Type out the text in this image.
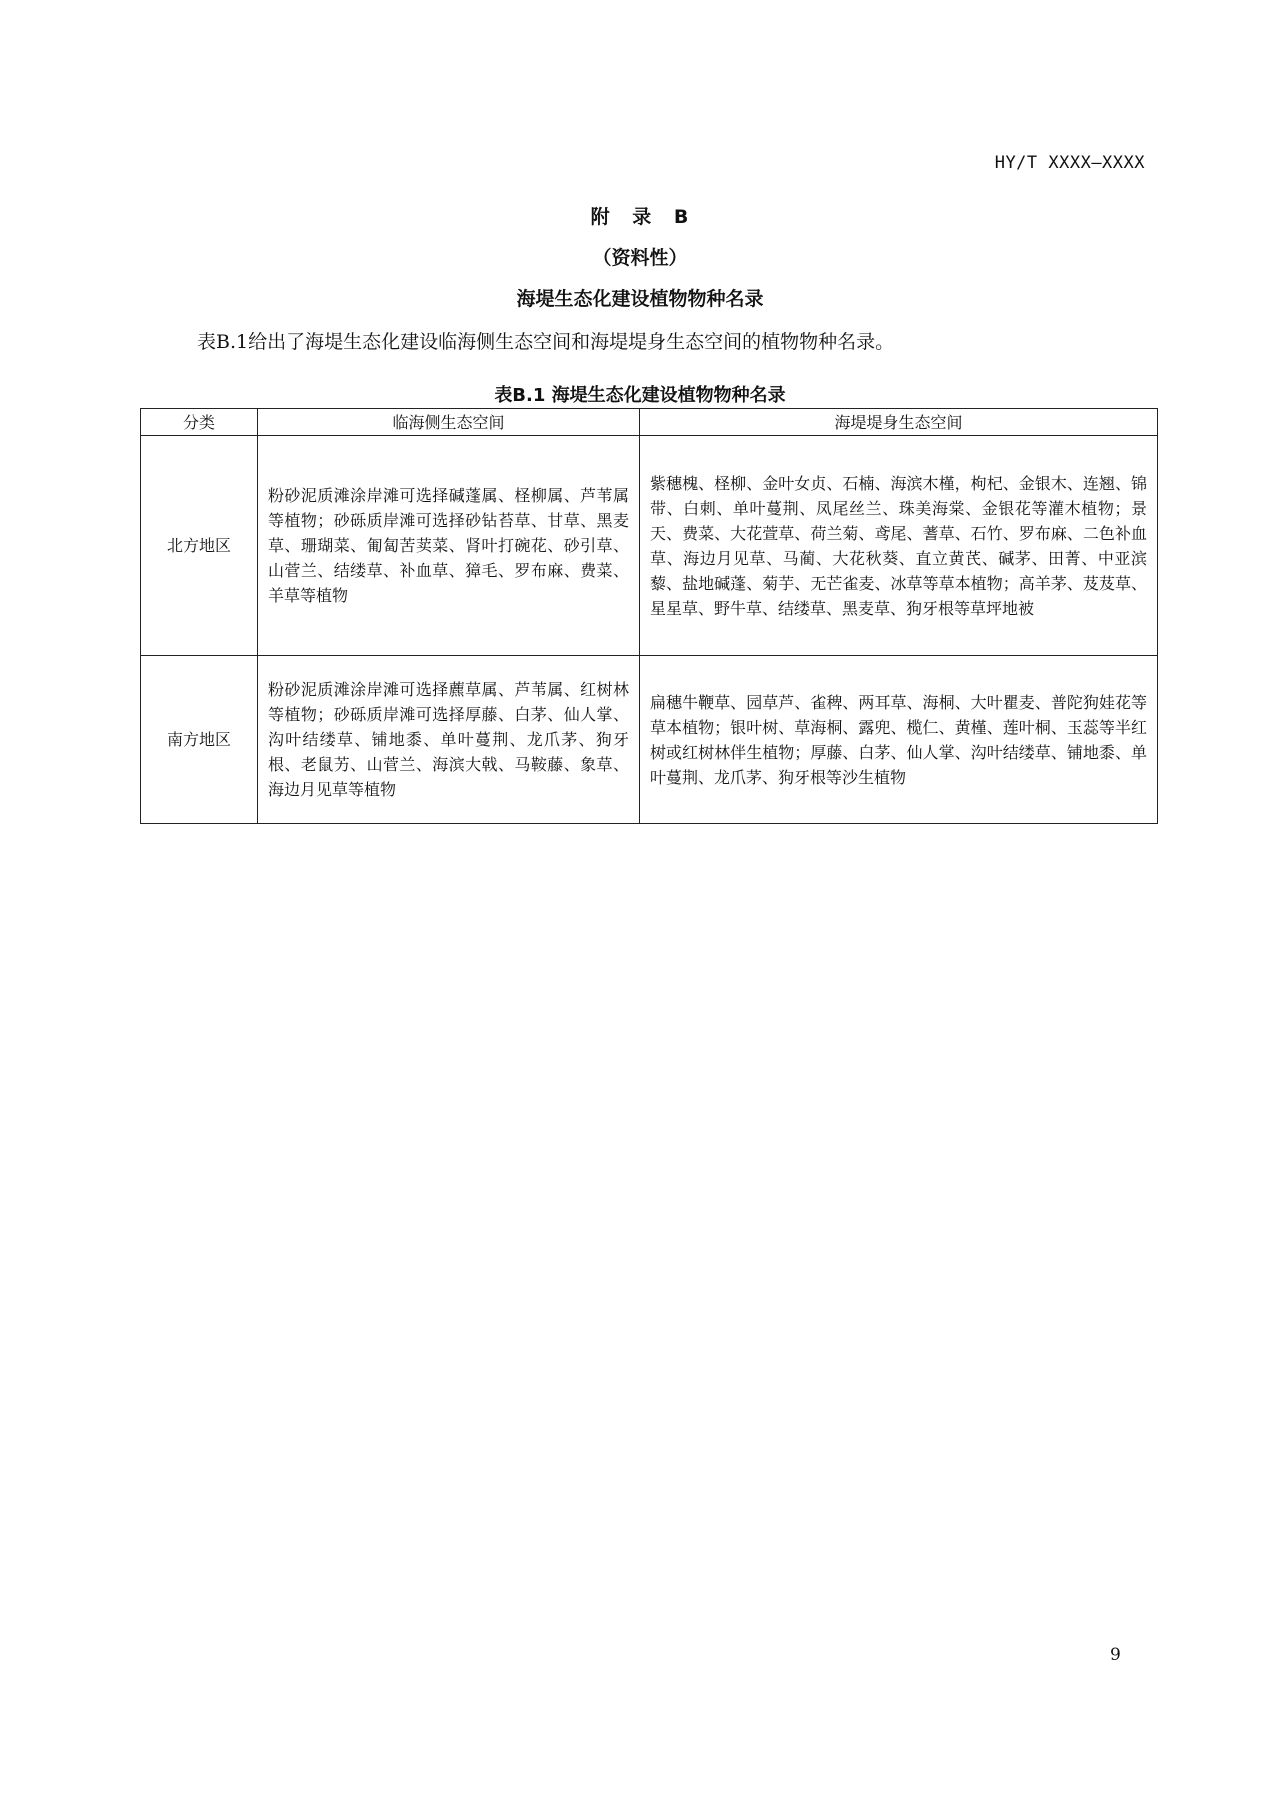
HY/T XXXX—XXXX
附 录 B
（资料性）
海堤生态化建设植物物种名录
表B.1给出了海堤生态化建设临海侧生态空间和海堤堤身生态空间的植物物种名录。
表B.1 海堤生态化建设植物物种名录
分类	临海侧生态空间	海堤堤身生态空间
北方地区	粉砂泥质滩涂岸滩可选择碱蓬属、柽柳属、芦苇属等植物；砂砾质岸滩可选择砂钻苔草、甘草、黑麦草、珊瑚菜、匍匐苦荬菜、肾叶打碗花、砂引草、山菅兰、结缕草、补血草、獐毛、罗布麻、费菜、羊草等植物	紫穗槐、柽柳、金叶女贞、石楠、海滨木槿，枸杞、金银木、连翘、锦带、白刺、单叶蔓荆、凤尾丝兰、珠美海棠、金银花等灌木植物；景天、费菜、大花萱草、荷兰菊、鸢尾、蓍草、石竹、罗布麻、二色补血草、海边月见草、马蔺、大花秋葵、直立黄芪、碱茅、田菁、中亚滨藜、盐地碱蓬、菊芋、无芒雀麦、冰草等草本植物；高羊茅、芨芨草、星星草、野牛草、结缕草、黑麦草、狗牙根等草坪地被
南方地区	粉砂泥质滩涂岸滩可选择藨草属、芦苇属、红树林等植物；砂砾质岸滩可选择厚藤、白茅、仙人掌、沟叶结缕草、铺地黍、单叶蔓荆、龙爪茅、狗牙根、老鼠艻、山菅兰、海滨大戟、马鞍藤、象草、海边月见草等植物	扁穗牛鞭草、园草芦、雀稗、两耳草、海桐、大叶瞿麦、普陀狗娃花等草本植物；银叶树、草海桐、露兜、榄仁、黄槿、莲叶桐、玉蕊等半红树或红树林伴生植物；厚藤、白茅、仙人掌、沟叶结缕草、铺地黍、单叶蔓荆、龙爪茅、狗牙根等沙生植物
9
